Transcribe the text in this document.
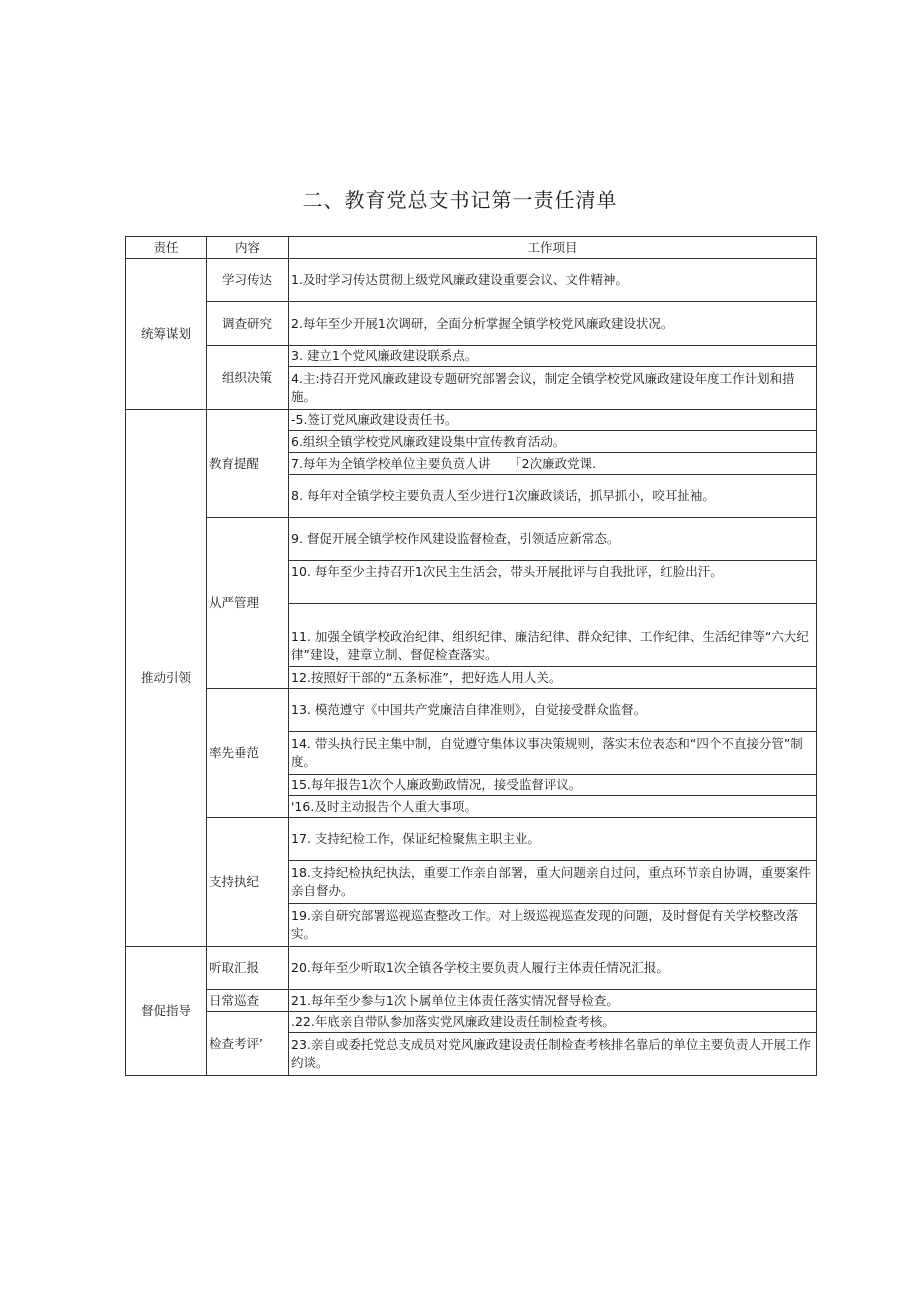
二、教育党总支书记第一责任清单
责任	内容	工作项目
统筹谋划	学习传达	1.及时学习传达贯彻上级党风廉政建设重要会议、文件精神。
	调查研究	2.每年至少开展1次调研，全面分析掌握全镇学校党风廉政建设状况。
	组织决策	3. 建立1个党风廉政建设联系点。
		4.主:持召开党风廉政建设专题研究部署会议，制定全镇学校党风廉政建设年度工作计划和措施。
推动引领	教育提醒	-5.签订党风廉政建设责任书。
		6.组织全镇学校党风廉政建设集中宣传教育活动。
		7.每年为全镇学校单位主要负贲人讲　　「2次廉政党课.
		8. 每年对全镇学校主要负责人至少进行1次廉政谈话，抓早抓小，咬耳扯袖。
	从严管理	9. 督促开展全镇学校作风建设监督检查，引领适应新常态。
		10. 每年至少主持召开1次民主生活会，带头开展批评与自我批评，红脸出汗。
		11. 加强全镇学校政治纪律、组织纪律、廉洁纪律、群众纪律、工作纪律、生活纪律等“六大纪律”建设，建章立制、督促检查落实。
		12.按照好干部的“五条标准”，把好选人用人关。
	率先垂范	13. 模范遵守《中国共产党廉洁自律准则》，自觉接受群众监督。
		14. 带头执行民主集中制，自觉遵守集体议事决策规则，落实末位表态和“四个不直接分管”制度。
		15.每年报告1次个人廉政勤政情况，接受监督评议。
		'16.及时主动报告个人重大事项。
	支持执纪	17. 支持纪检工作，保证纪检聚焦主职主业。
		18.支持纪检执纪执法，重要工作亲自部署，重大问题亲自过问，重点环节亲自协调，重要案件亲自督办。
		19.亲自研究部署巡视巡查整改工作。对上级巡视巡查发现的问题，及时督促有关学校整改落实。
督促指导	听取汇报	20.每年至少听取1次全镇各学校主要负责人履行主体责任情况汇报。
	日常巡查	21.每年至少参与1次卜属单位主体责任落实情况督导检查。
	检查考评’	.22.年底亲自带队参加落实党风廉政建设责任制检查考核。
		23.亲自或委托党总支成员对党风廉政建设责任制检查考核排名靠后的单位主要负责人开展工作约谈。
